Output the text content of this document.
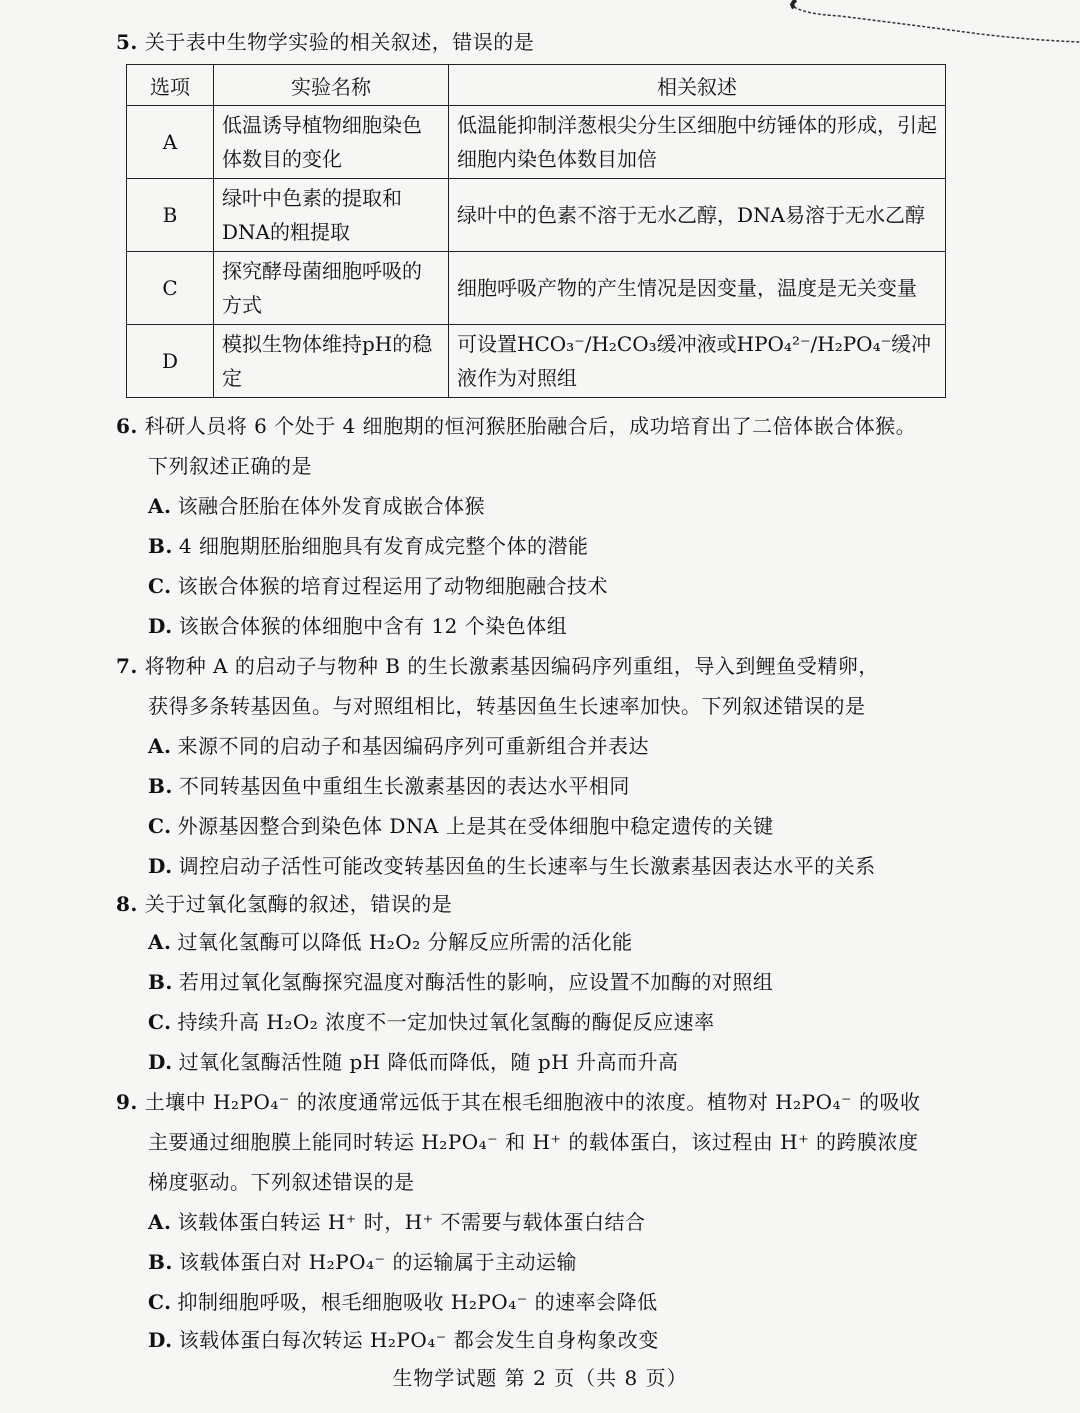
5. 关于表中生物学实验的相关叙述，错误的是
选项	实验名称	相关叙述
A	低温诱导植物细胞染色体数目的变化	低温能抑制洋葱根尖分生区细胞中纺锤体的形成，引起细胞内染色体数目加倍
B	绿叶中色素的提取和DNA的粗提取	绿叶中的色素不溶于无水乙醇，DNA易溶于无水乙醇
C	探究酵母菌细胞呼吸的方式	细胞呼吸产物的产生情况是因变量，温度是无关变量
D	模拟生物体维持pH的稳定	可设置HCO₃⁻/H₂CO₃缓冲液或HPO₄²⁻/H₂PO₄⁻缓冲液作为对照组
6. 科研人员将 6 个处于 4 细胞期的恒河猴胚胎融合后，成功培育出了二倍体嵌合体猴。
下列叙述正确的是
A. 该融合胚胎在体外发育成嵌合体猴
B. 4 细胞期胚胎细胞具有发育成完整个体的潜能
C. 该嵌合体猴的培育过程运用了动物细胞融合技术
D. 该嵌合体猴的体细胞中含有 12 个染色体组
7. 将物种 A 的启动子与物种 B 的生长激素基因编码序列重组，导入到鲤鱼受精卵，
获得多条转基因鱼。与对照组相比，转基因鱼生长速率加快。下列叙述错误的是
A. 来源不同的启动子和基因编码序列可重新组合并表达
B. 不同转基因鱼中重组生长激素基因的表达水平相同
C. 外源基因整合到染色体 DNA 上是其在受体细胞中稳定遗传的关键
D. 调控启动子活性可能改变转基因鱼的生长速率与生长激素基因表达水平的关系
8. 关于过氧化氢酶的叙述，错误的是
A. 过氧化氢酶可以降低 H₂O₂ 分解反应所需的活化能
B. 若用过氧化氢酶探究温度对酶活性的影响，应设置不加酶的对照组
C. 持续升高 H₂O₂ 浓度不一定加快过氧化氢酶的酶促反应速率
D. 过氧化氢酶活性随 pH 降低而降低，随 pH 升高而升高
9. 土壤中 H₂PO₄⁻ 的浓度通常远低于其在根毛细胞液中的浓度。植物对 H₂PO₄⁻ 的吸收
主要通过细胞膜上能同时转运 H₂PO₄⁻ 和 H⁺ 的载体蛋白，该过程由 H⁺ 的跨膜浓度
梯度驱动。下列叙述错误的是
A. 该载体蛋白转运 H⁺ 时，H⁺ 不需要与载体蛋白结合
B. 该载体蛋白对 H₂PO₄⁻ 的运输属于主动运输
C. 抑制细胞呼吸，根毛细胞吸收 H₂PO₄⁻ 的速率会降低
D. 该载体蛋白每次转运 H₂PO₄⁻ 都会发生自身构象改变
生物学试题 第 2 页（共 8 页）
